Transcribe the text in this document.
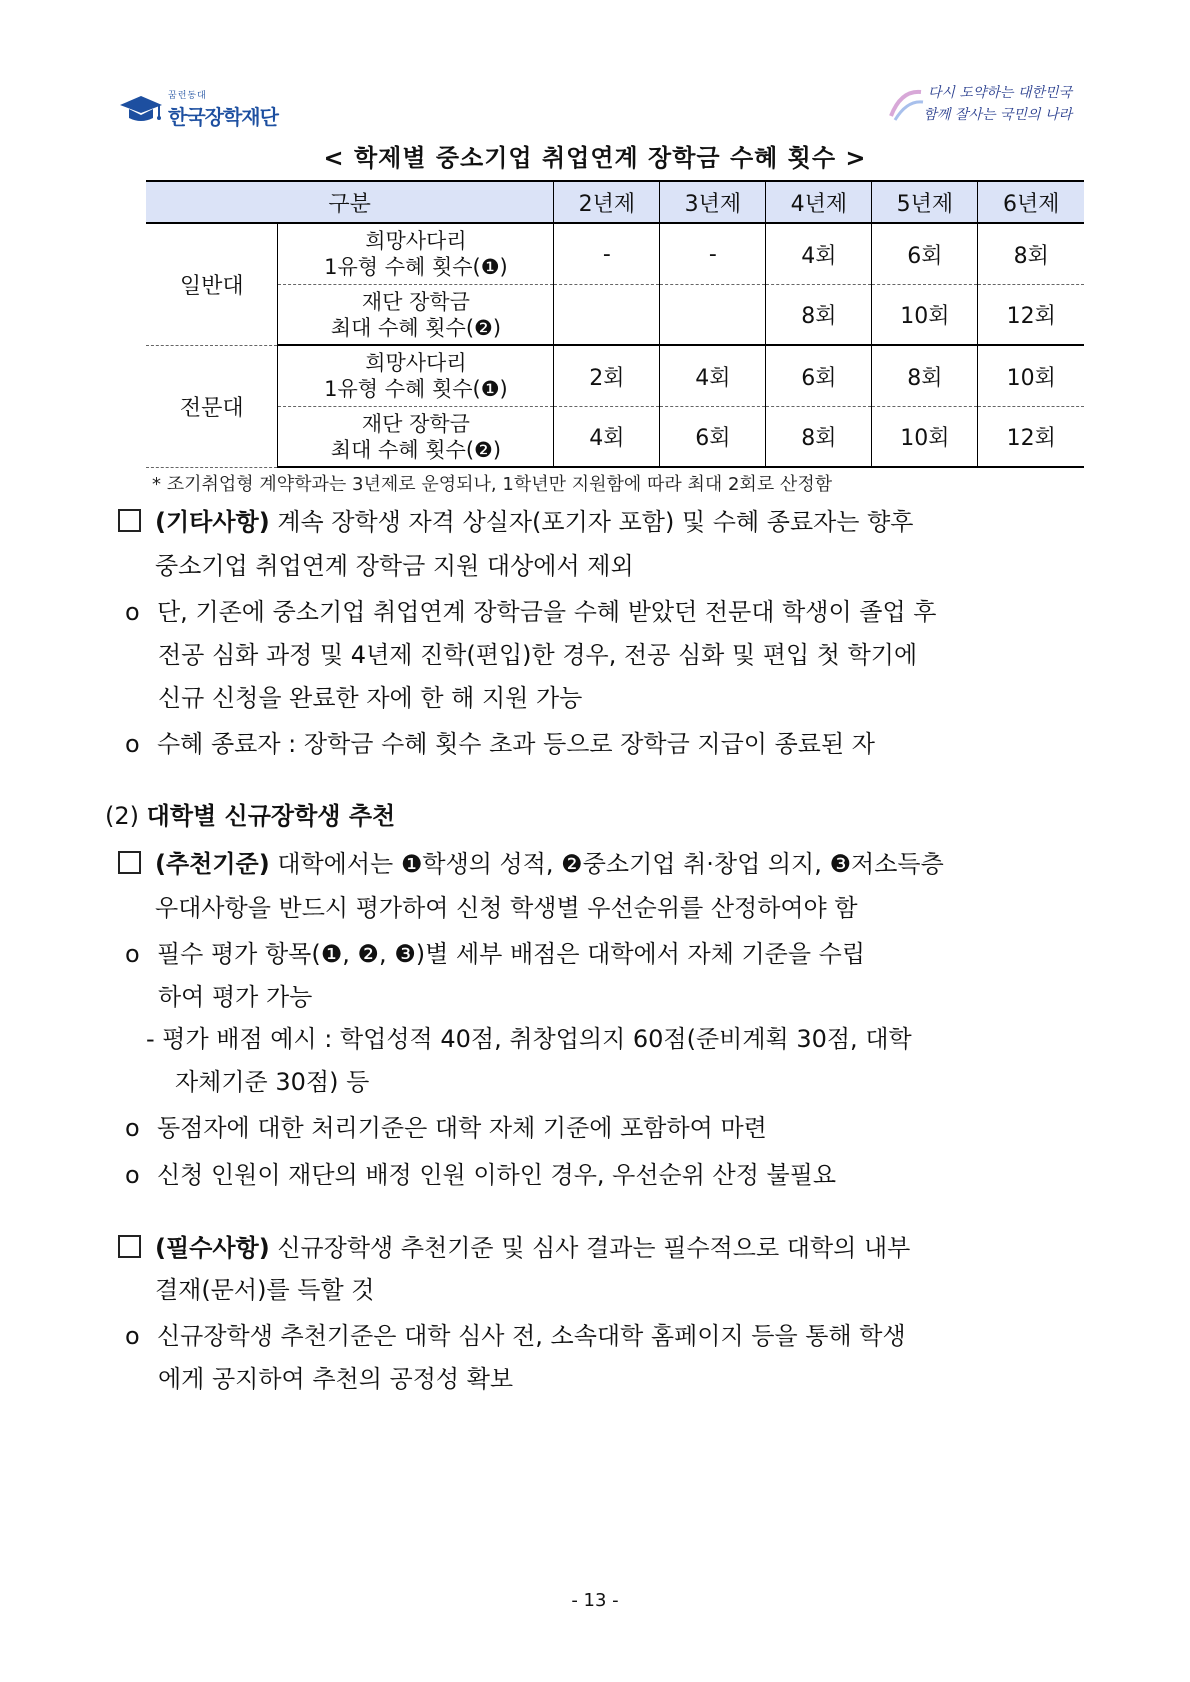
꿈런동대
한국장학재단
다시 도약하는 대한민국
함께 잘사는 국민의 나라
< 학제별 중소기업 취업연계 장학금 수혜 횟수 >
구분		2년제	3년제	4년제	5년제	6년제
일반대	희망사다리
1유형 수혜 횟수(❶)	-	-	4회	6회	8회

	재단 장학금
최대 수혜 횟수(❷)			8회	10회	12회
전문대	희망사다리
1유형 수혜 횟수(❶)	2회	4회	6회	8회	10회

	재단 장학금
최대 수혜 횟수(❷)	4회	6회	8회	10회	12회
* 조기취업형 계약학과는 3년제로 운영되나, 1학년만 지원함에 따라 최대 2회로 산정함
(기타사항) 계속 장학생 자격 상실자(포기자 포함) 및 수혜 종료자는 향후
중소기업 취업연계 장학금 지원 대상에서 제외
o 단, 기존에 중소기업 취업연계 장학금을 수혜 받았던 전문대 학생이 졸업 후
전공 심화 과정 및 4년제 진학(편입)한 경우, 전공 심화 및 편입 첫 학기에
신규 신청을 완료한 자에 한 해 지원 가능
o 수혜 종료자 : 장학금 수혜 횟수 초과 등으로 장학금 지급이 종료된 자
(2) 대학별 신규장학생 추천
(추천기준) 대학에서는 ❶학생의 성적, ❷중소기업 취·창업 의지, ❸저소득층
우대사항을 반드시 평가하여 신청 학생별 우선순위를 산정하여야 함
o 필수 평가 항목(❶, ❷, ❸)별 세부 배점은 대학에서 자체 기준을 수립
하여 평가 가능
- 평가 배점 예시 : 학업성적 40점, 취창업의지 60점(준비계획 30점, 대학
자체기준 30점) 등
o 동점자에 대한 처리기준은 대학 자체 기준에 포함하여 마련
o 신청 인원이 재단의 배정 인원 이하인 경우, 우선순위 산정 불필요
(필수사항) 신규장학생 추천기준 및 심사 결과는 필수적으로 대학의 내부
결재(문서)를 득할 것
o 신규장학생 추천기준은 대학 심사 전, 소속대학 홈페이지 등을 통해 학생
에게 공지하여 추천의 공정성 확보
- 13 -
